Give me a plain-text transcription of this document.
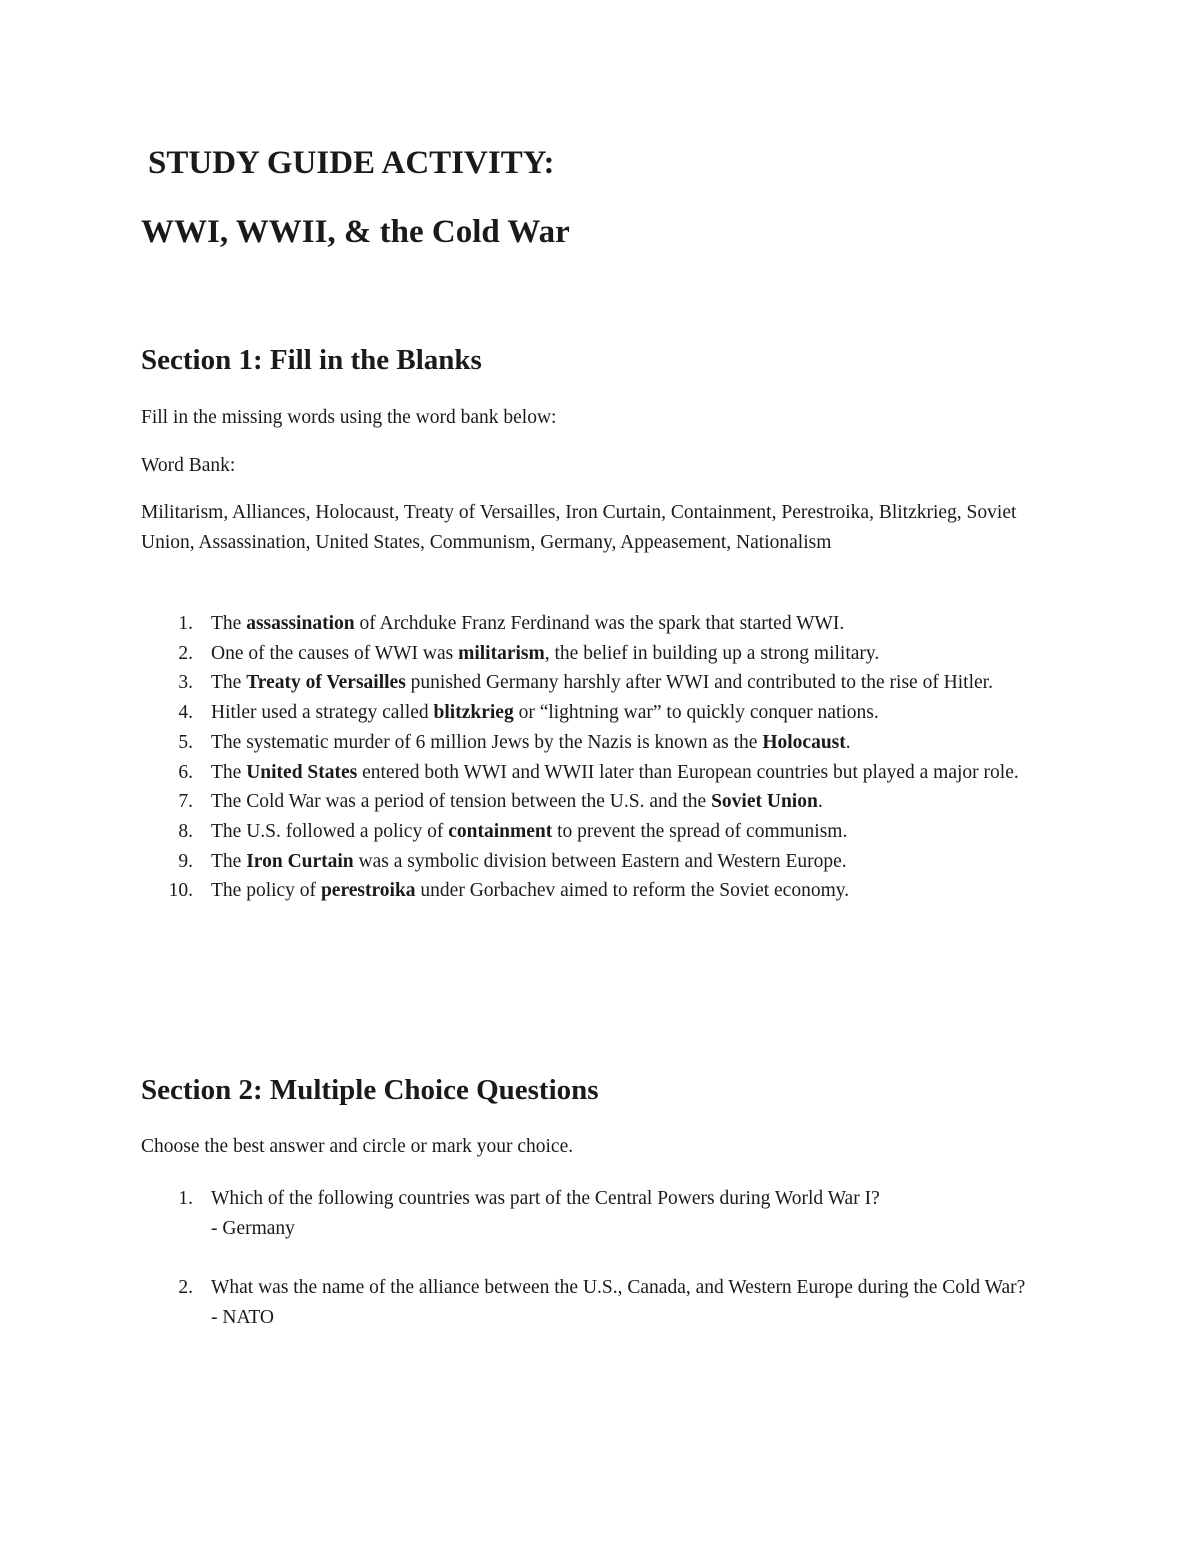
STUDY GUIDE ACTIVITY:
WWI, WWII, & the Cold War
Section 1: Fill in the Blanks

Fill in the missing words using the word bank below:

Word Bank:

Militarism, Alliances, Holocaust, Treaty of Versailles, Iron Curtain, Containment, Perestroika, Blitzkrieg, Soviet Union, Assassination, United States, Communism, Germany, Appeasement, Nationalism

1. The assassination of Archduke Franz Ferdinand was the spark that started WWI.
2. One of the causes of WWI was militarism, the belief in building up a strong military.
3. The Treaty of Versailles punished Germany harshly after WWI and contributed to the rise of Hitler.
4. Hitler used a strategy called blitzkrieg or “lightning war” to quickly conquer nations.
5. The systematic murder of 6 million Jews by the Nazis is known as the Holocaust.
6. The United States entered both WWI and WWII later than European countries but played a major role.
7. The Cold War was a period of tension between the U.S. and the Soviet Union.
8. The U.S. followed a policy of containment to prevent the spread of communism.
9. The Iron Curtain was a symbolic division between Eastern and Western Europe.
10. The policy of perestroika under Gorbachev aimed to reform the Soviet economy.
Section 2: Multiple Choice Questions

Choose the best answer and circle or mark your choice.

1. Which of the following countries was part of the Central Powers during World War I?
- Germany
2. What was the name of the alliance between the U.S., Canada, and Western Europe during the Cold War?
- NATO
